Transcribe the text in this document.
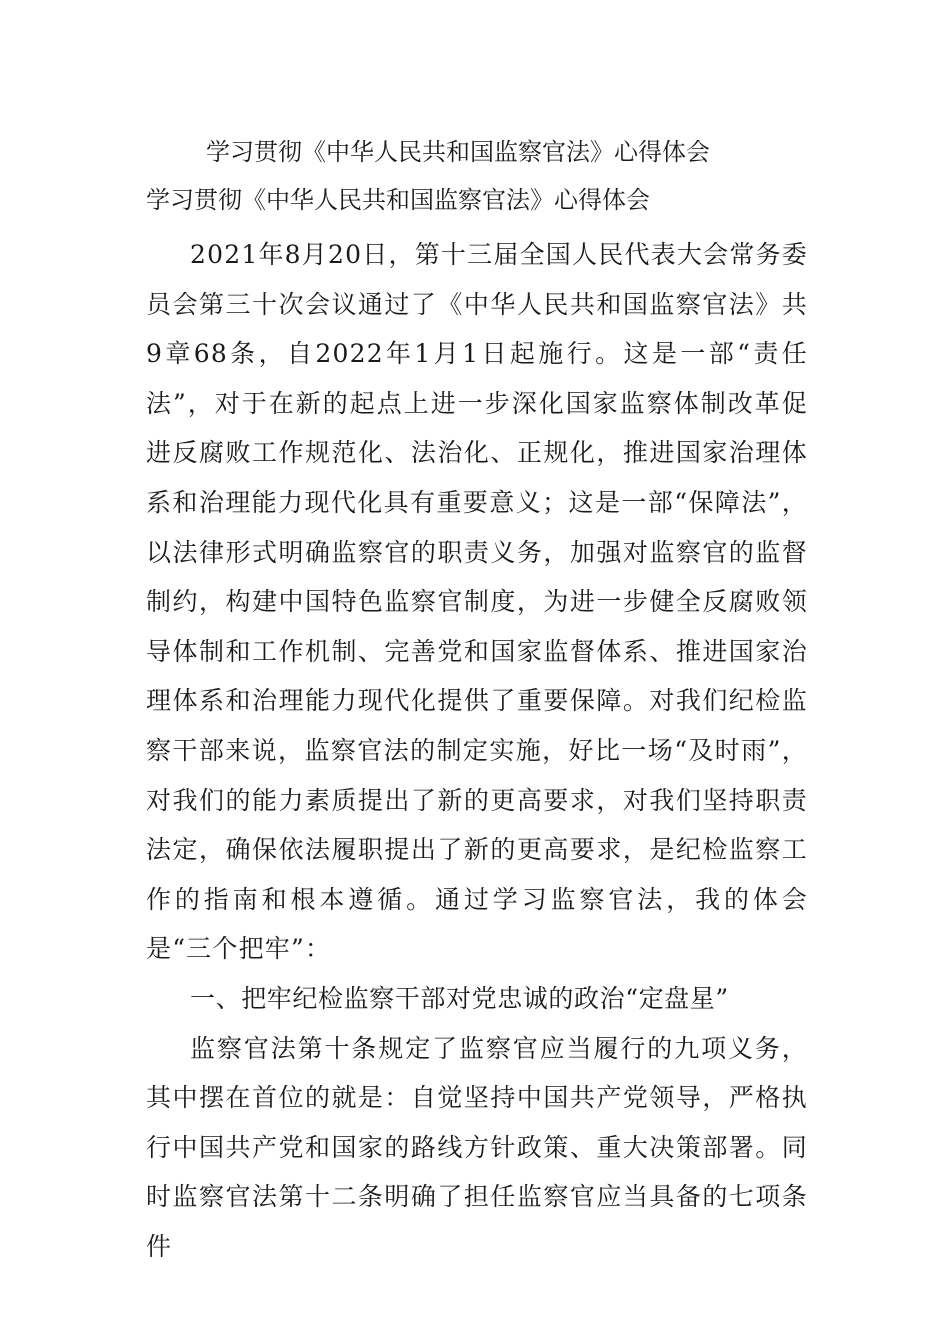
学习贯彻《中华人民共和国监察官法》心得体会
学习贯彻《中华人民共和国监察官法》心得体会

2021年8月20日，第十三届全国人民代表大会常务委员会第三十次会议通过了《中华人民共和国监察官法》共9章68条，自2022年1月1日起施行。这是一部“责任法”，对于在新的起点上进一步深化国家监察体制改革促进反腐败工作规范化、法治化、正规化，推进国家治理体系和治理能力现代化具有重要意义；这是一部“保障法”，以法律形式明确监察官的职责义务，加强对监察官的监督制约，构建中国特色监察官制度，为进一步健全反腐败领导体制和工作机制、完善党和国家监督体系、推进国家治理体系和治理能力现代化提供了重要保障。对我们纪检监察干部来说，监察官法的制定实施，好比一场“及时雨”，对我们的能力素质提出了新的更高要求，对我们坚持职责法定，确保依法履职提出了新的更高要求，是纪检监察工作的指南和根本遵循。通过学习监察官法，我的体会是“三个把牢”：

一、把牢纪检监察干部对党忠诚的政治“定盘星”

监察官法第十条规定了监察官应当履行的九项义务，其中摆在首位的就是：自觉坚持中国共产党领导，严格执行中国共产党和国家的路线方针政策、重大决策部署。同时监察官法第十二条明确了担任监察官应当具备的七项条件
